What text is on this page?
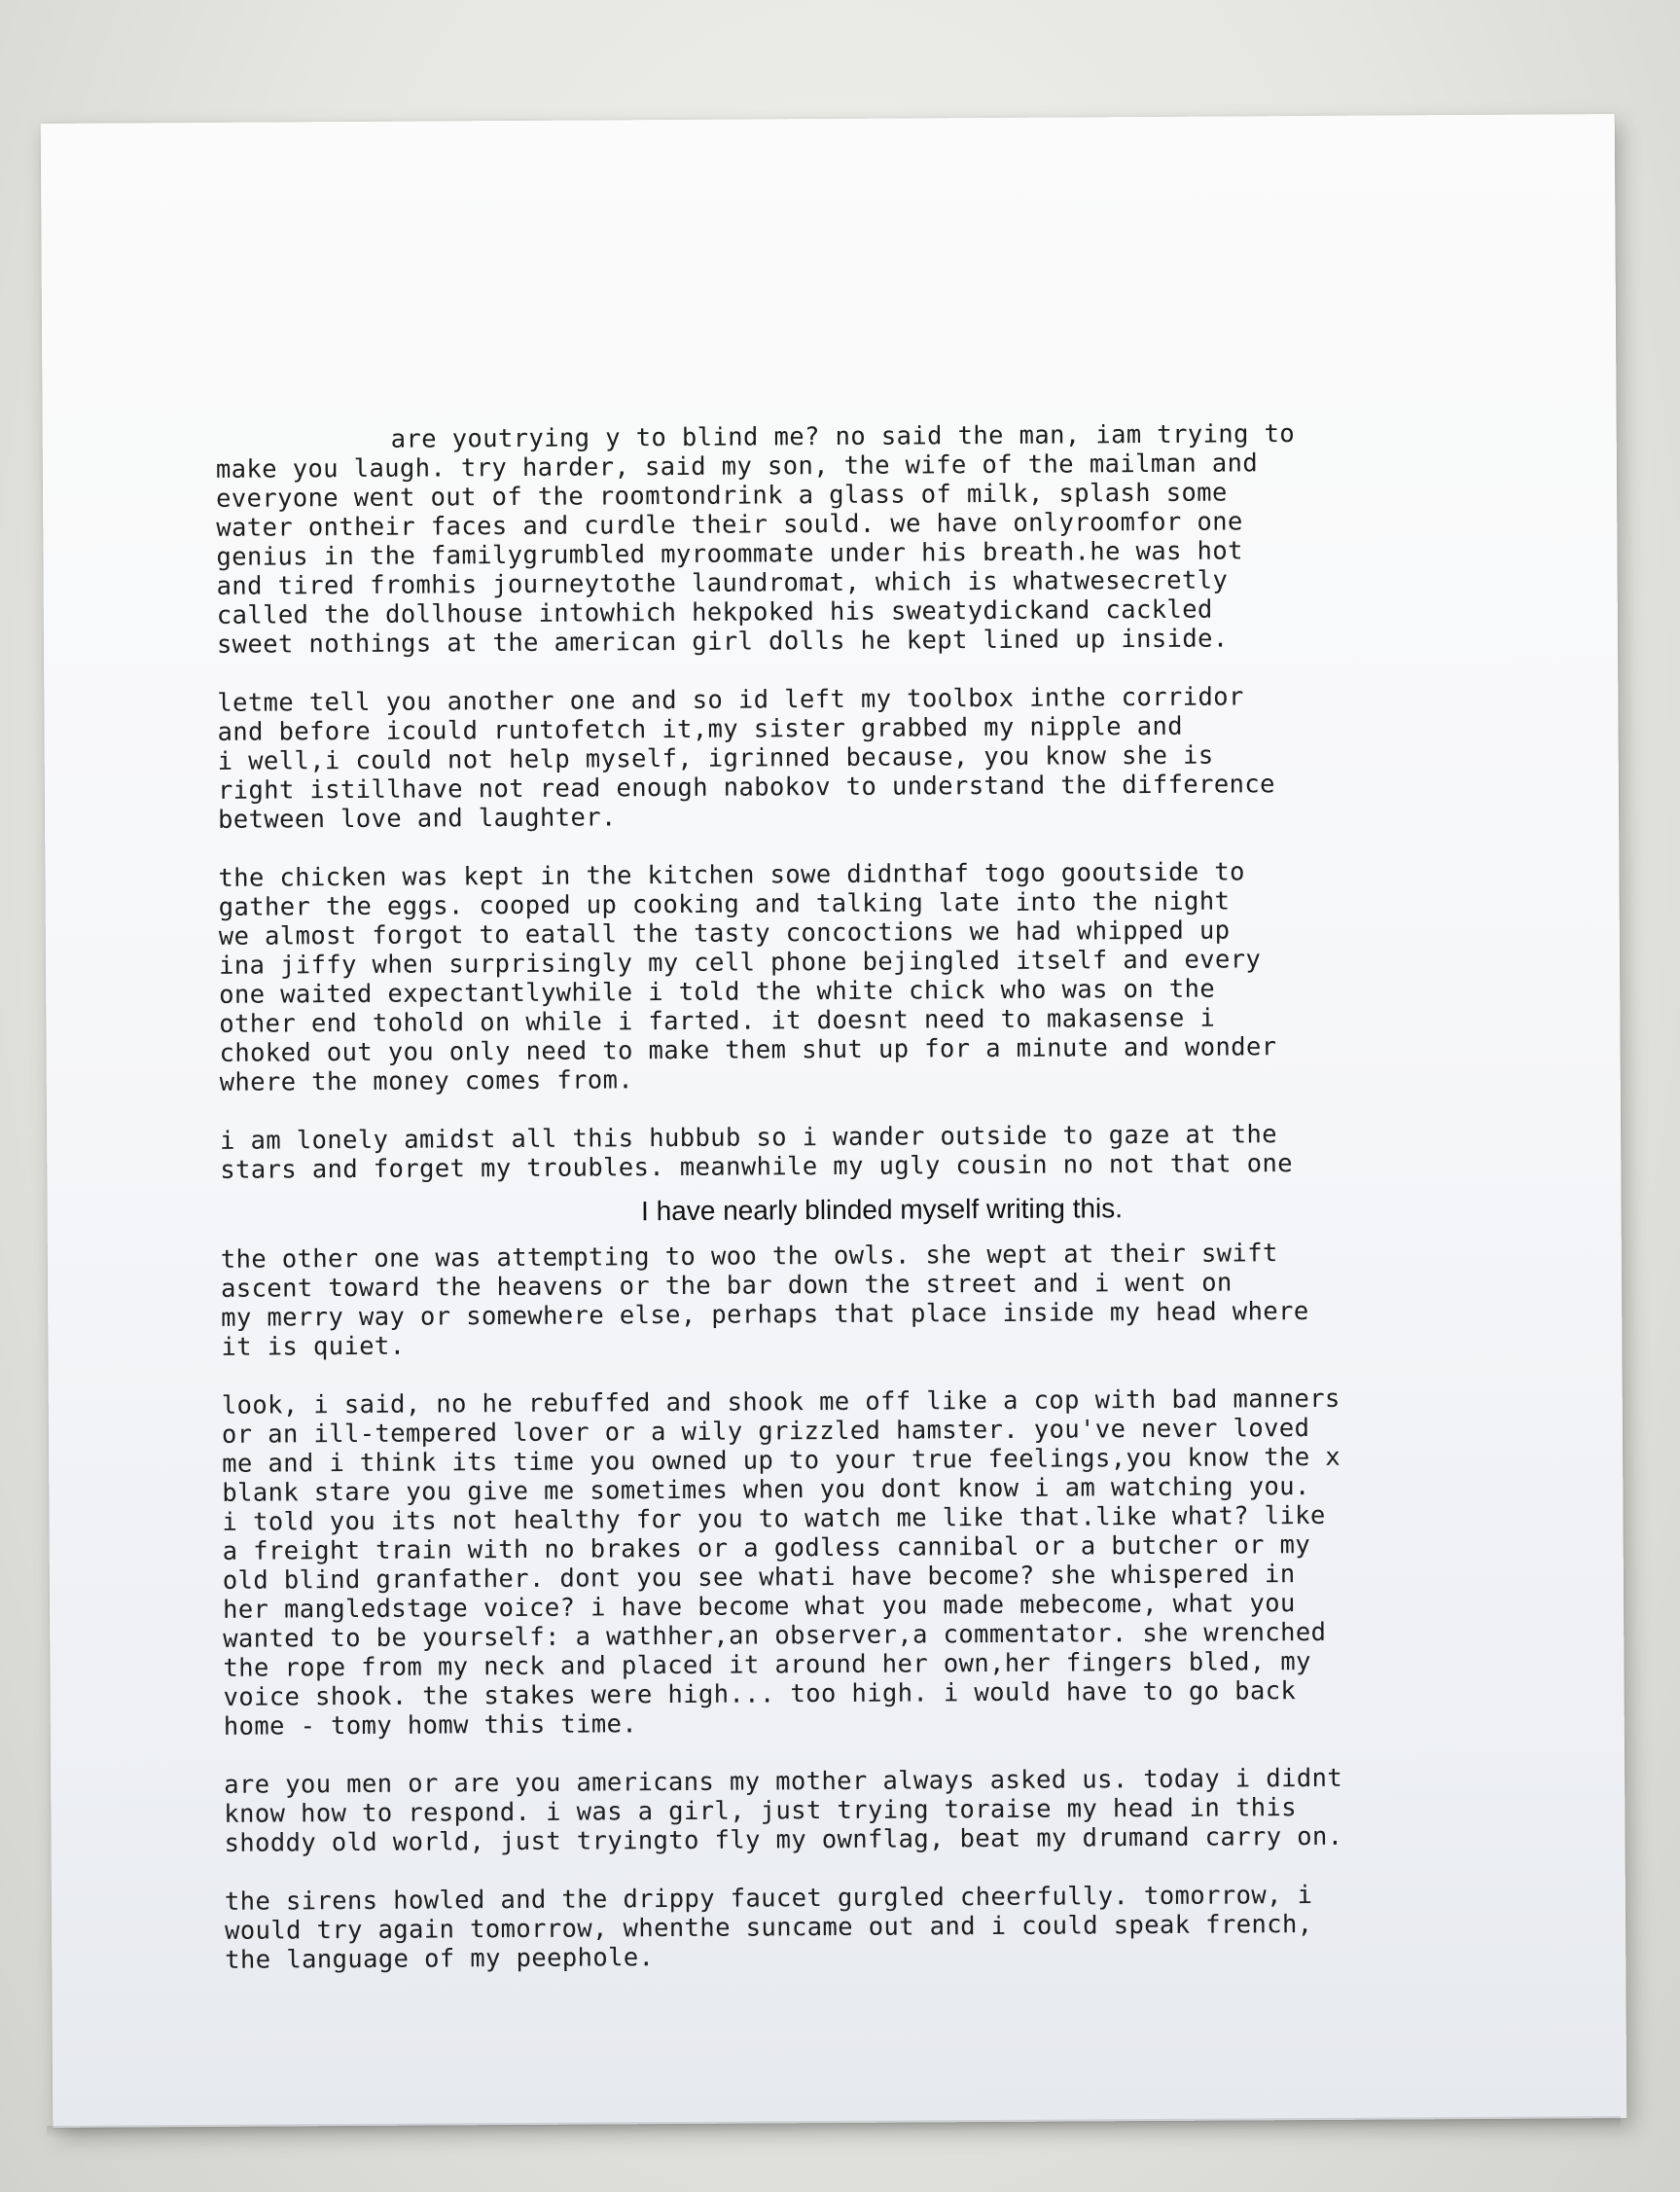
are youtrying y to blind me? no said the man, iam trying to

make you laugh. try harder, said my son, the wife of the mailman and

everyone went out of the roomtondrink a glass of milk, splash some

water ontheir faces and curdle their sould. we have onlyroomfor one

genius in the familygrumbled myroommate under his breath.he was hot

and tired fromhis journeytothe laundromat, which is whatwesecretly

called the dollhouse intowhich hekpoked his sweatydickand cackled

sweet nothings at the american girl dolls he kept lined up inside.

letme tell you another one and so id left my toolbox inthe corridor

and before icould runtofetch it,my sister grabbed my nipple and

i well,i could not help myself, igrinned because, you know she is

right istillhave not read enough nabokov to understand the difference

between love and laughter.

the chicken was kept in the kitchen sowe didnthaf togo gooutside to

gather the eggs. cooped up cooking and talking late into the night

we almost forgot to eatall the tasty concoctions we had whipped up

ina jiffy when surprisingly my cell phone bejingled itself and every

one waited expectantlywhile i told the white chick who was on the

other end tohold on while i farted. it doesnt need to makasense i

choked out you only need to make them shut up for a minute and wonder

where the money comes from.

i am lonely amidst all this hubbub so i wander outside to gaze at the

stars and forget my troubles. meanwhile my ugly cousin no not that one

I have nearly blinded myself writing this.

the other one was attempting to woo the owls. she wept at their swift

ascent toward the heavens or the bar down the street and i went on

my merry way or somewhere else, perhaps that place inside my head where

it is quiet.

look, i said, no he rebuffed and shook me off like a cop with bad manners

or an ill-tempered lover or a wily grizzled hamster. you've never loved

me and i think its time you owned up to your true feelings,you know the x

blank stare you give me sometimes when you dont know i am watching you.

i told you its not healthy for you to watch me like that.like what? like

a freight train with no brakes or a godless cannibal or a butcher or my

old blind granfather. dont you see whati have become? she whispered in

her mangledstage voice? i have become what you made mebecome, what you

wanted to be yourself: a wathher,an observer,a commentator. she wrenched

the rope from my neck and placed it around her own,her fingers bled, my

voice shook. the stakes were high... too high. i would have to go back

home - tomy homw this time.

are you men or are you americans my mother always asked us. today i didnt

know how to respond. i was a girl, just trying toraise my head in this

shoddy old world, just tryingto fly my ownflag, beat my drumand carry on.

the sirens howled and the drippy faucet gurgled cheerfully. tomorrow, i

would try again tomorrow, whenthe suncame out and i could speak french,

the language of my peephole.
